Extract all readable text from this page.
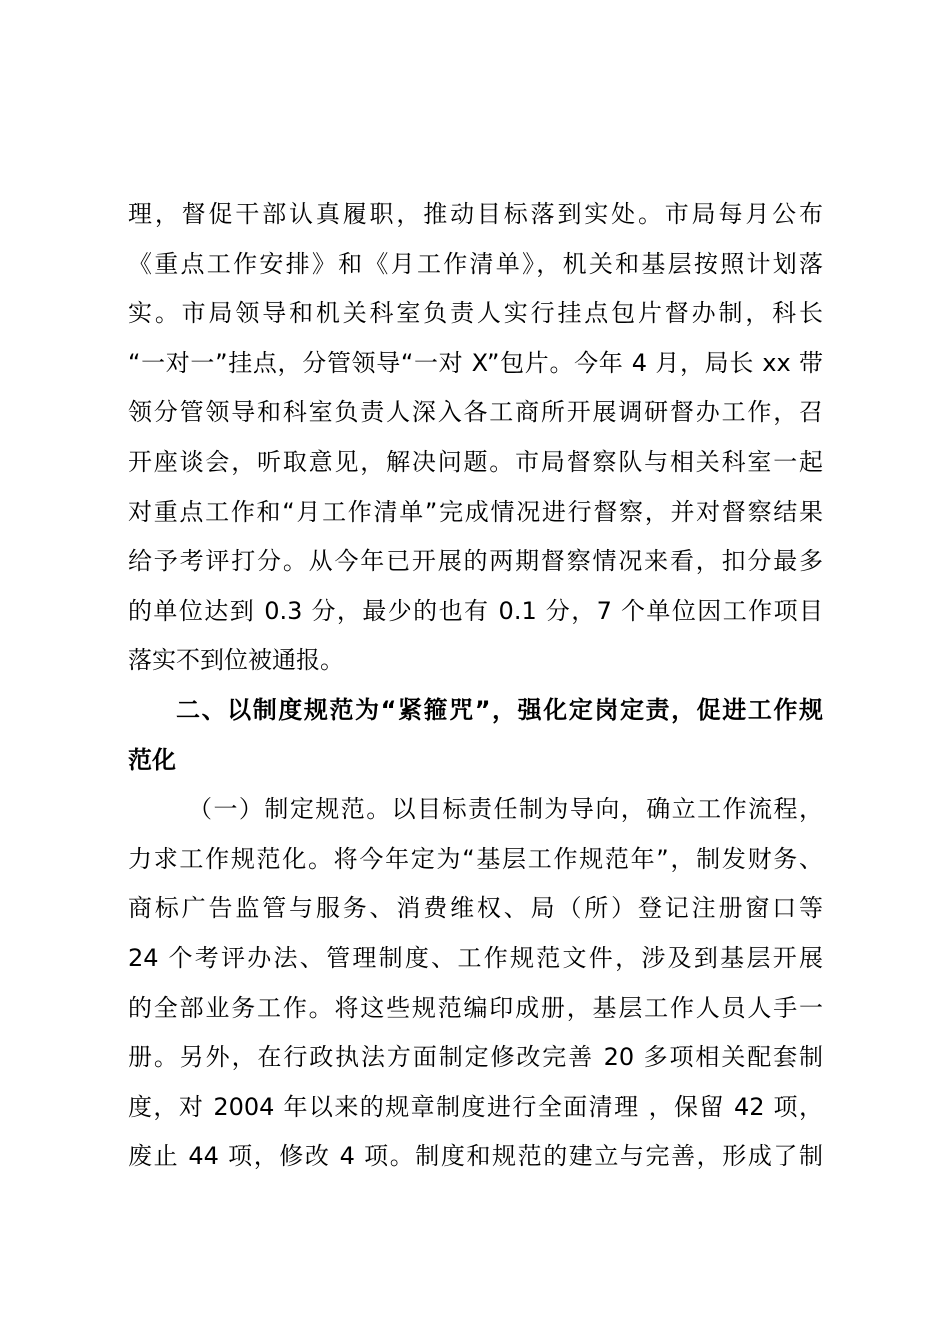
理，督促干部认真履职，推动目标落到实处。市局每月公布
《重点工作安排》和《月工作清单》，机关和基层按照计划落
实。市局领导和机关科室负责人实行挂点包片督办制，科长
“一对一”挂点，分管领导“一对 X”包片。今年 4 月，局长 xx 带
领分管领导和科室负责人深入各工商所开展调研督办工作，召
开座谈会，听取意见，解决问题。市局督察队与相关科室一起
对重点工作和“月工作清单”完成情况进行督察，并对督察结果
给予考评打分。从今年已开展的两期督察情况来看，扣分最多
的单位达到 0.3 分，最少的也有 0.1 分，7 个单位因工作项目
落实不到位被通报。
二、以制度规范为“紧箍咒”，强化定岗定责，促进工作规
范化
（一）制定规范。以目标责任制为导向，确立工作流程，
力求工作规范化。将今年定为“基层工作规范年”，制发财务、
商标广告监管与服务、消费维权、局（所）登记注册窗口等
24 个考评办法、管理制度、工作规范文件，涉及到基层开展
的全部业务工作。将这些规范编印成册，基层工作人员人手一
册。另外，在行政执法方面制定修改完善 20 多项相关配套制
度，对 2004 年以来的规章制度进行全面清理 ，保留 42 项，
废止 44 项，修改 4 项。制度和规范的建立与完善，形成了制
